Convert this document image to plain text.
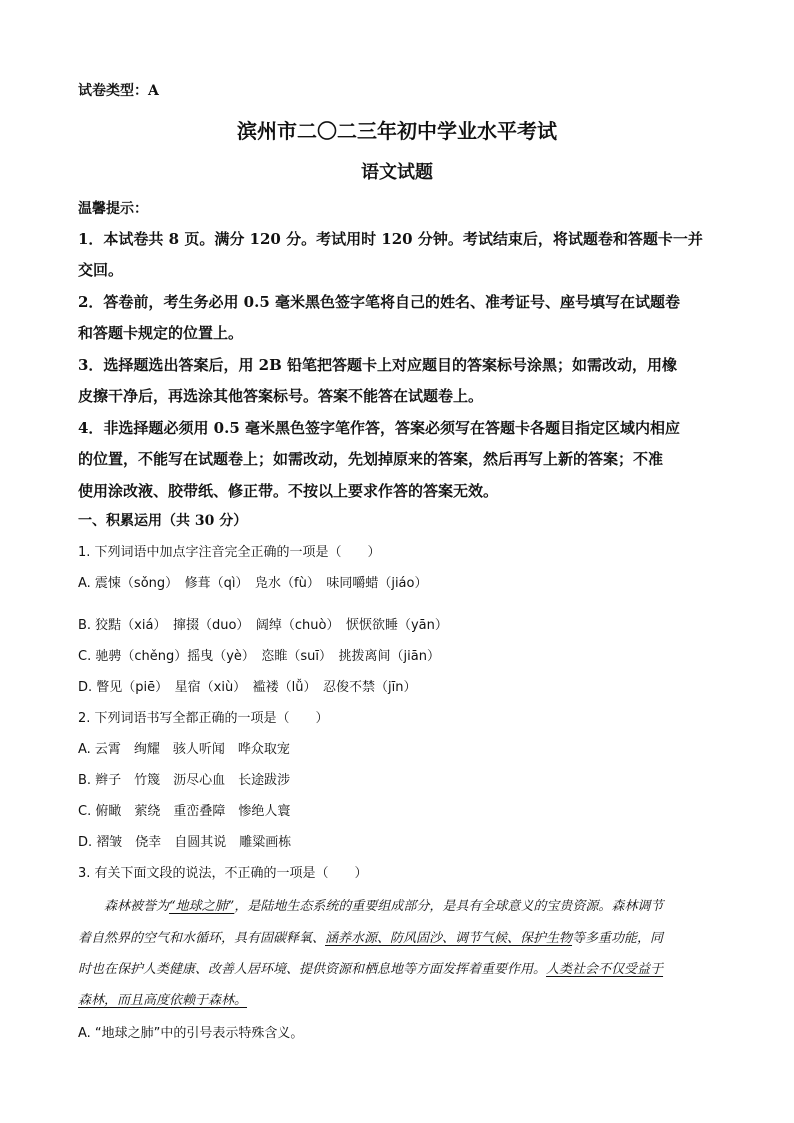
试卷类型：A
滨州市二〇二三年初中学业水平考试
语文试题
温馨提示：
1．本试卷共 8 页。满分 120 分。考试用时 120 分钟。考试结束后，将试题卷和答题卡一并
交回。
2．答卷前，考生务必用 0.5 毫米黑色签字笔将自己的姓名、准考证号、座号填写在试题卷
和答题卡规定的位置上。
3．选择题选出答案后，用 2B 铅笔把答题卡上对应题目的答案标号涂黑；如需改动，用橡
皮擦干净后，再选涂其他答案标号。答案不能答在试题卷上。
4．非选择题必须用 0.5 毫米黑色签字笔作答，答案必须写在答题卡各题目指定区域内相应
的位置，不能写在试题卷上；如需改动，先划掉原来的答案，然后再写上新的答案；不准
使用涂改液、胶带纸、修正带。不按以上要求作答的答案无效。
一、积累运用（共 30 分）
1. 下列词语中加点字注音完全正确的一项是（　　）
A. 震悚（sǒng）　修葺（qì）　凫水（fù）　味同嚼蜡（jiáo）
B. 狡黠（xiá）　撺掇（duo）　阔绰（chuò）　恹恹欲睡（yān）
C. 驰骋（chěng）摇曳（yè）　恣睢（suī）　挑拨离间（jiān）
D. 瞥见（piē）　星宿（xiù）　褴褛（lǚ）　忍俊不禁（jīn）
2. 下列词语书写全都正确的一项是（　　）
A. 云霄　绚耀　骇人听闻　哗众取宠
B. 辫子　竹篾　沥尽心血　长途跋涉
C. 俯瞰　萦绕　重峦叠障　惨绝人寰
D. 褶皱　侥幸　自圆其说　雕粱画栋
3. 有关下面文段的说法，不正确的一项是（　　）
　　森林被誉为“地球之肺”，是陆地生态系统的重要组成部分，是具有全球意义的宝贵资源。森林调节
着自然界的空气和水循环，具有固碳释氧、涵养水源、防风固沙、调节气候、保护生物等多重功能，同
时也在保护人类健康、改善人居环境、提供资源和栖息地等方面发挥着重要作用。人类社会不仅受益于
森林，而且高度依赖于森林。
A. “地球之肺”中的引号表示特殊含义。
